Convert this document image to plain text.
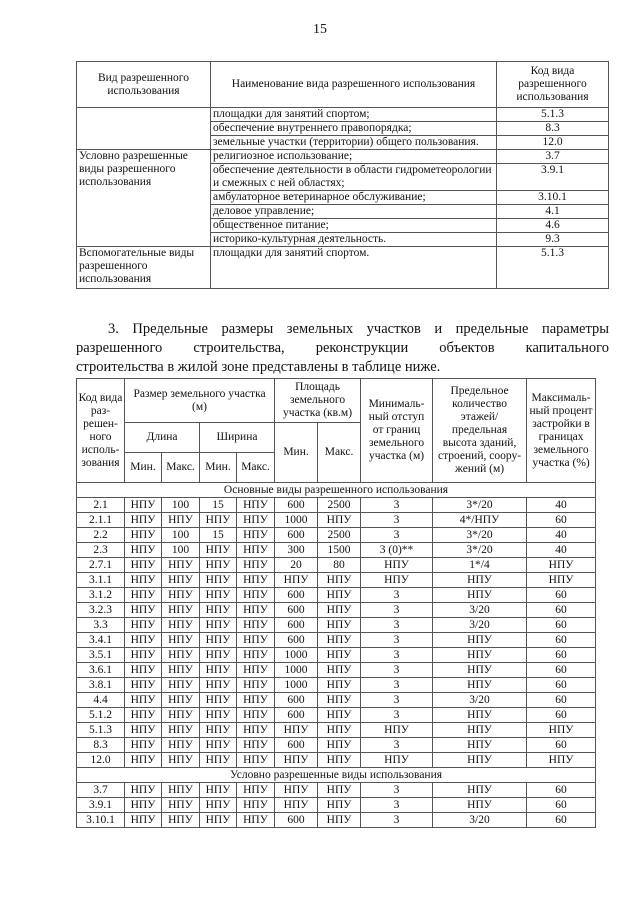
15
Вид разрешенного использования	Наименование вида разрешенного использования	Код вида разрешенного использования
	площадки для занятий спортом;	5.1.3
	обеспечение внутреннего правопорядка;	8.3
	земельные участки (территории) общего пользования.	12.0
Условно разрешенные виды разрешенного использования	религиозное использование;	3.7
	обеспечение деятельности в области гидрометеорологии и смежных с ней областях;	3.9.1
	амбулаторное ветеринарное обслуживание;	3.10.1
	деловое управление;	4.1
	общественное питание;	4.6
	историко-культурная деятельность.	9.3
Вспомогательные виды разрешенного использования	площадки для занятий спортом.	5.1.3
3. Предельные размеры земельных участков и предельные параметры
разрешенного строительства, реконструкции объектов капитального
строительства в жилой зоне представлены в таблице ниже.
Код вида раз-решен-ного исполь-зования	Размер земельного участка (м)				Площадь земельного участка (кв.м)		Минималь-ный отступ от границ земельного участка (м)	Предельное количество этажей/ предельная высота зданий, строений, соору-жений (м)	Максималь-ный процент застройки в границах земельного участка (%)
	Длина		Ширина		Мин.	Макс.			
	Мин.	Макс.	Мин.	Макс.					
Основные виды разрешенного использования									
2.1	НПУ	100	15	НПУ	600	2500	3	3*/20	40
2.1.1	НПУ	НПУ	НПУ	НПУ	1000	НПУ	3	4*/НПУ	60
2.2	НПУ	100	15	НПУ	600	2500	3	3*/20	40
2.3	НПУ	100	НПУ	НПУ	300	1500	3 (0)**	3*/20	40
2.7.1	НПУ	НПУ	НПУ	НПУ	20	80	НПУ	1*/4	НПУ
3.1.1	НПУ	НПУ	НПУ	НПУ	НПУ	НПУ	НПУ	НПУ	НПУ
3.1.2	НПУ	НПУ	НПУ	НПУ	600	НПУ	3	НПУ	60
3.2.3	НПУ	НПУ	НПУ	НПУ	600	НПУ	3	3/20	60
3.3	НПУ	НПУ	НПУ	НПУ	600	НПУ	3	3/20	60
3.4.1	НПУ	НПУ	НПУ	НПУ	600	НПУ	3	НПУ	60
3.5.1	НПУ	НПУ	НПУ	НПУ	1000	НПУ	3	НПУ	60
3.6.1	НПУ	НПУ	НПУ	НПУ	1000	НПУ	3	НПУ	60
3.8.1	НПУ	НПУ	НПУ	НПУ	1000	НПУ	3	НПУ	60
4.4	НПУ	НПУ	НПУ	НПУ	600	НПУ	3	3/20	60
5.1.2	НПУ	НПУ	НПУ	НПУ	600	НПУ	3	НПУ	60
5.1.3	НПУ	НПУ	НПУ	НПУ	НПУ	НПУ	НПУ	НПУ	НПУ
8.3	НПУ	НПУ	НПУ	НПУ	600	НПУ	3	НПУ	60
12.0	НПУ	НПУ	НПУ	НПУ	НПУ	НПУ	НПУ	НПУ	НПУ
Условно разрешенные виды использования									
3.7	НПУ	НПУ	НПУ	НПУ	НПУ	НПУ	3	НПУ	60
3.9.1	НПУ	НПУ	НПУ	НПУ	НПУ	НПУ	3	НПУ	60
3.10.1	НПУ	НПУ	НПУ	НПУ	600	НПУ	3	3/20	60
